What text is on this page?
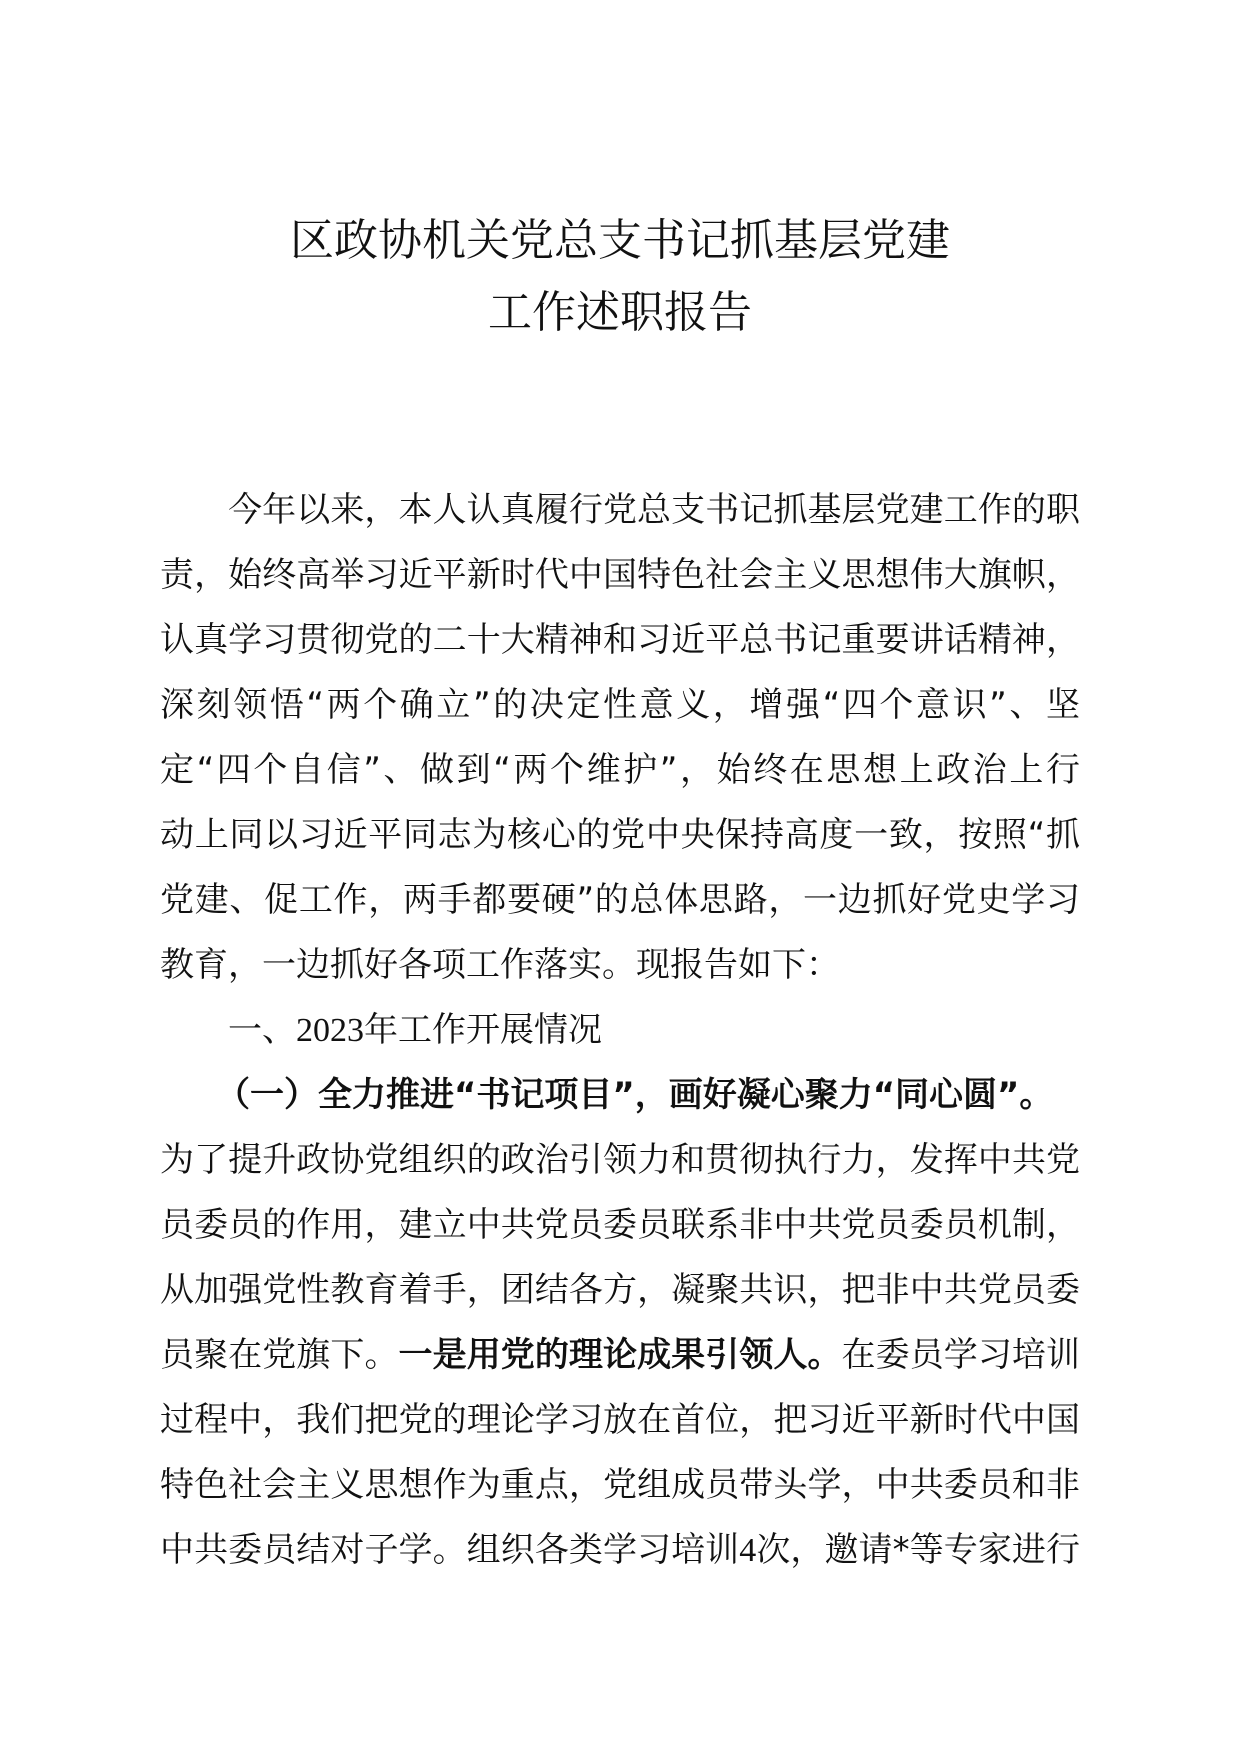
区政协机关党总支书记抓基层党建
工作述职报告
今年以来，本人认真履行党总支书记抓基层党建工作的职
责，始终高举习近平新时代中国特色社会主义思想伟大旗帜，
认真学习贯彻党的二十大精神和习近平总书记重要讲话精神，
深刻领悟“两个确立”的决定性意义，增强“四个意识”、坚
定“四个自信”、做到“两个维护”，始终在思想上政治上行
动上同以习近平同志为核心的党中央保持高度一致，按照“抓
党建、促工作，两手都要硬”的总体思路，一边抓好党史学习
教育，一边抓好各项工作落实。现报告如下：
一、2023年工作开展情况
（一）全力推进“书记项目”，画好凝心聚力“同心圆”。
为了提升政协党组织的政治引领力和贯彻执行力，发挥中共党
员委员的作用，建立中共党员委员联系非中共党员委员机制，
从加强党性教育着手，团结各方，凝聚共识，把非中共党员委
员聚在党旗下。一是用党的理论成果引领人。在委员学习培训
过程中，我们把党的理论学习放在首位，把习近平新时代中国
特色社会主义思想作为重点，党组成员带头学，中共委员和非
中共委员结对子学。组织各类学习培训4次，邀请*等专家进行
